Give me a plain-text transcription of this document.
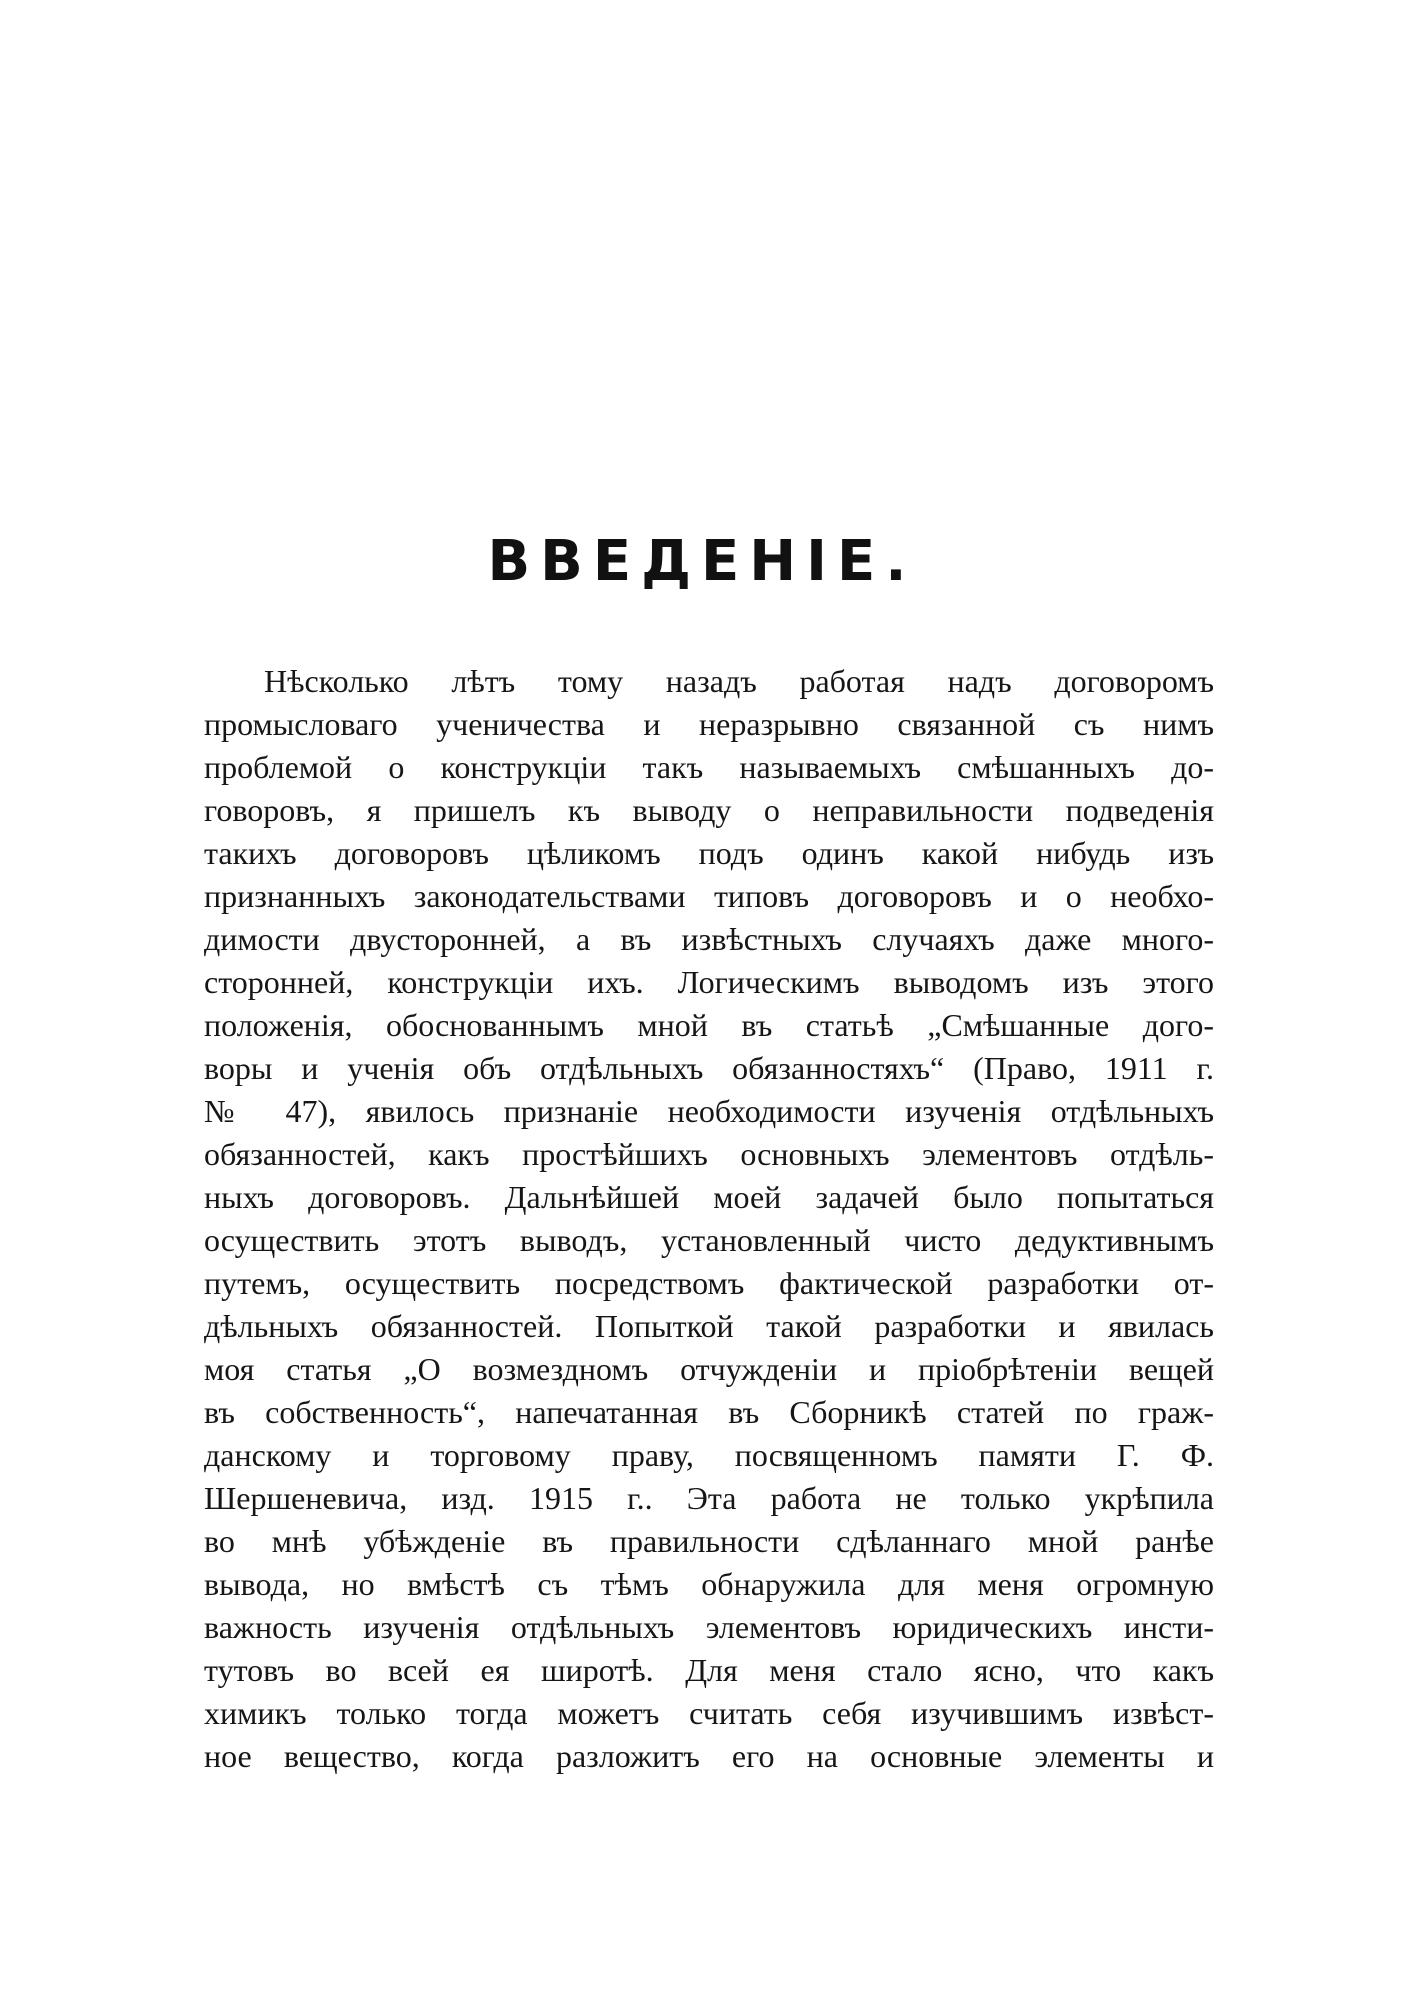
ВВЕДЕНІЕ.
Нѣсколько лѣтъ тому назадъ работая надъ договоромъ
промысловаго ученичества и неразрывно связанной съ нимъ
проблемой о конструкціи такъ называемыхъ смѣшанныхъ до-
говоровъ, я пришелъ къ выводу о неправильности подведенія
такихъ договоровъ цѣликомъ подъ одинъ какой нибудь изъ
признанныхъ законодательствами типовъ договоровъ и о необхо-
димости двусторонней, а въ извѣстныхъ случаяхъ даже много-
сторонней, конструкціи ихъ. Логическимъ выводомъ изъ этого
положенія, обоснованнымъ мной въ статьѣ „Смѣшанные дого-
воры и ученія объ отдѣльныхъ обязанностяхъ“ (Право, 1911 г.
№ 47), явилось признаніе необходимости изученія отдѣльныхъ
обязанностей, какъ простѣйшихъ основныхъ элементовъ отдѣль-
ныхъ договоровъ. Дальнѣйшей моей задачей было попытаться
осуществить этотъ выводъ, установленный чисто дедуктивнымъ
путемъ, осуществить посредствомъ фактической разработки от-
дѣльныхъ обязанностей. Попыткой такой разработки и явилась
моя статья „О возмездномъ отчужденіи и пріобрѣтеніи вещей
въ собственность“, напечатанная въ Сборникѣ статей по граж-
данскому и торговому праву, посвященномъ памяти Г. Ф.
Шершеневича, изд. 1915 г.. Эта работа не только укрѣпила
во мнѣ убѣжденіе въ правильности сдѣланнаго мной ранѣе
вывода, но вмѣстѣ съ тѣмъ обнаружила для меня огромную
важность изученія отдѣльныхъ элементовъ юридическихъ инсти-
тутовъ во всей ея широтѣ. Для меня стало ясно, что какъ
химикъ только тогда можетъ считать себя изучившимъ извѣст-
ное вещество, когда разложитъ его на основные элементы и
